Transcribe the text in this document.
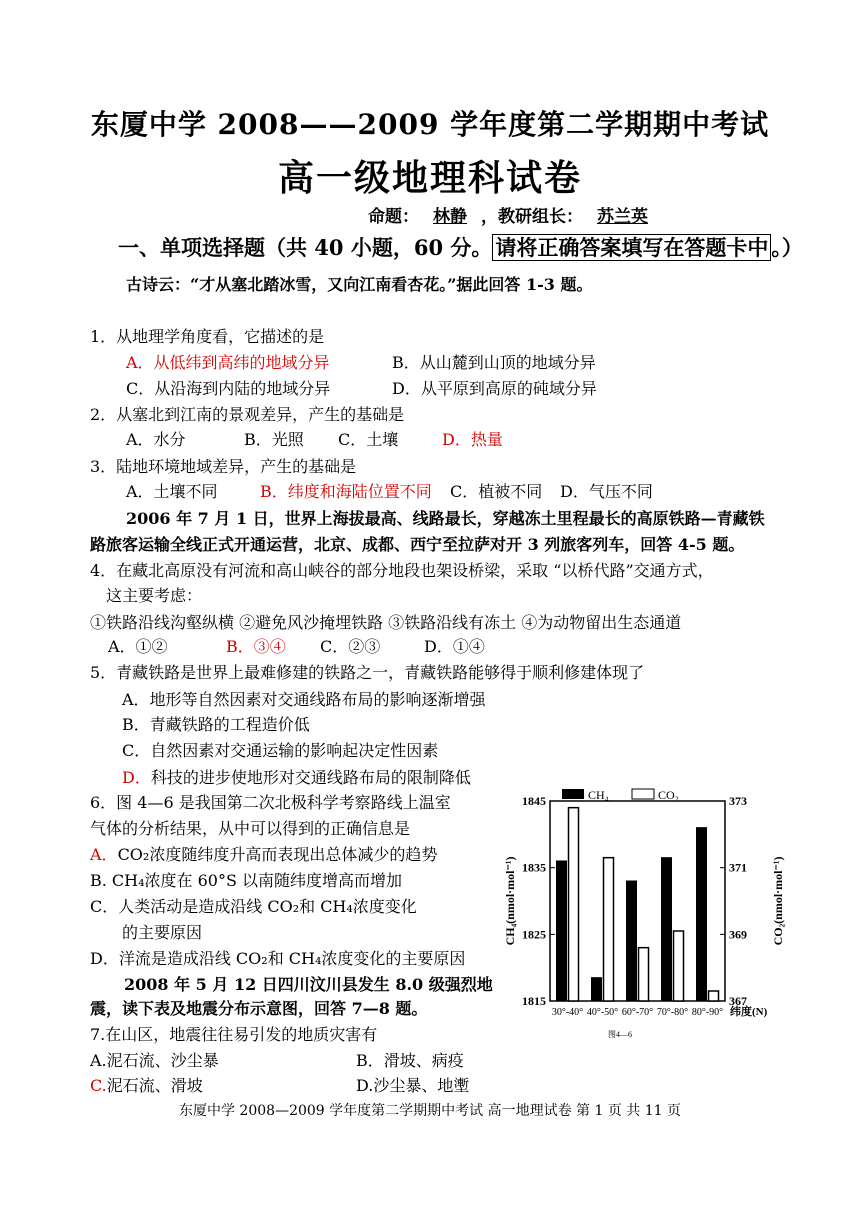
东厦中学 2008——2009 学年度第二学期期中考试
高一级地理科试卷
命题： 林静 ，教研组长： 苏兰英
一、单项选择题（共 40 小题，60 分。 请将正确答案填写在答题卡中 。）
古诗云：“才从塞北踏冰雪，又向江南看杏花。”据此回答 1-3 题。
1．从地理学角度看，它描述的是
A．从低纬到高纬的地域分异	B．从山麓到山顶的地域分异
C．从沿海到内陆的地域分异	D．从平原到高原的砘域分异
2．从塞北到江南的景观差异，产生的基础是
A．水分	B．光照 C．土壤	D．热量
3．陆地环境地域差异，产生的基础是
A．土壤不同	B．纬度和海陆位置不同 C．植被不同 D．气压不同
2006 年 7 月 1 日，世界上海拔最高、线路最长，穿越冻土里程最长的高原铁路—青藏铁
路旅客运输全线正式开通运营，北京、成都、西宁至拉萨对开 3 列旅客列车，回答 4-5 题。
4．在藏北高原没有河流和高山峡谷的部分地段也架设桥梁，采取 “以桥代路”交通方式，
这主要考虑：
①铁路沿线沟壑纵横 ②避免风沙掩埋铁路 ③铁路沿线有冻土 ④为动物留出生态通道
A．①②	B．③④ C．②③	D．①④
5．青藏铁路是世界上最难修建的铁路之一，青藏铁路能够得于顺利修建体现了
A．地形等自然因素对交通线路布局的影响逐渐增强
B．青藏铁路的工程造价低
C．自然因素对交通运输的影响起决定性因素
D．科技的进步使地形对交通线路布局的限制降低
6．图 4—6 是我国第二次北极科学考察路线上温室
气体的分析结果，从中可以得到的正确信息是
A．CO₂浓度随纬度升高而表现出总体减少的趋势
B. CH₄浓度在 60°S 以南随纬度增高而增加
C．人类活动是造成沿线 CO₂和 CH₄浓度变化
的主要原因
D．洋流是造成沿线 CO₂和 CH₄浓度变化的主要原因
2008 年 5 月 12 日四川汶川县发生 8.0 级强烈地
震，读下表及地震分布示意图，回答 7—8 题。
7.在山区，地震往往易引发的地质灾害有
A.泥石流、沙尘暴	B．滑坡、病疫
C.泥石流、滑坡	D.沙尘暴、地壍
1815
1825
1835
1845
367
369
371
373
30°-40° 40°-50° 60°-70° 70°-80° 80°-90°
CH₄	CO₂
CH₄(nmol·mol⁻¹)	CO₂(nmol·mol⁻¹)
纬度(N)
图4—6
东厦中学 2008—2009 学年度第二学期期中考试 高一地理试卷 第 1 页 共 11 页
